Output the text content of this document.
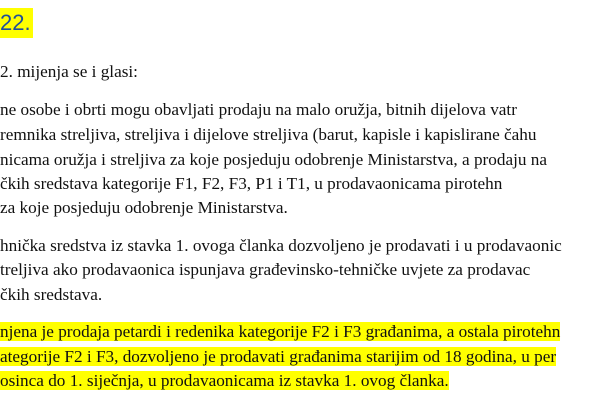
22.
2. mijenja se i glasi:
ne osobe i obrti mogu obavljati prodaju na malo oružja, bitnih dijelova vatr
remnika streljiva, streljiva i dijelove streljiva (barut, kapisle i kapislirane čahu
nicama oružja i streljiva za koje posjeduju odobrenje Ministarstva, a prodaju na
čkih sredstava kategorije F1, F2, F3, P1 i T1, u prodavaonicama pirotehn
za koje posjeduju odobrenje Ministarstva.
hnička sredstva iz stavka 1. ovoga članka dozvoljeno je prodavati i u prodavaonic
treljiva ako prodavaonica ispunjava građevinsko-tehničke uvjete za prodavac
čkih sredstava.
njena je prodaja petardi i redenika kategorije F2 i F3 građanima, a ostala pirotehn
ategorije F2 i F3, dozvoljeno je prodavati građanima starijim od 18 godina, u per
osinca do 1. siječnja, u prodavaonicama iz stavka 1. ovog članka.
